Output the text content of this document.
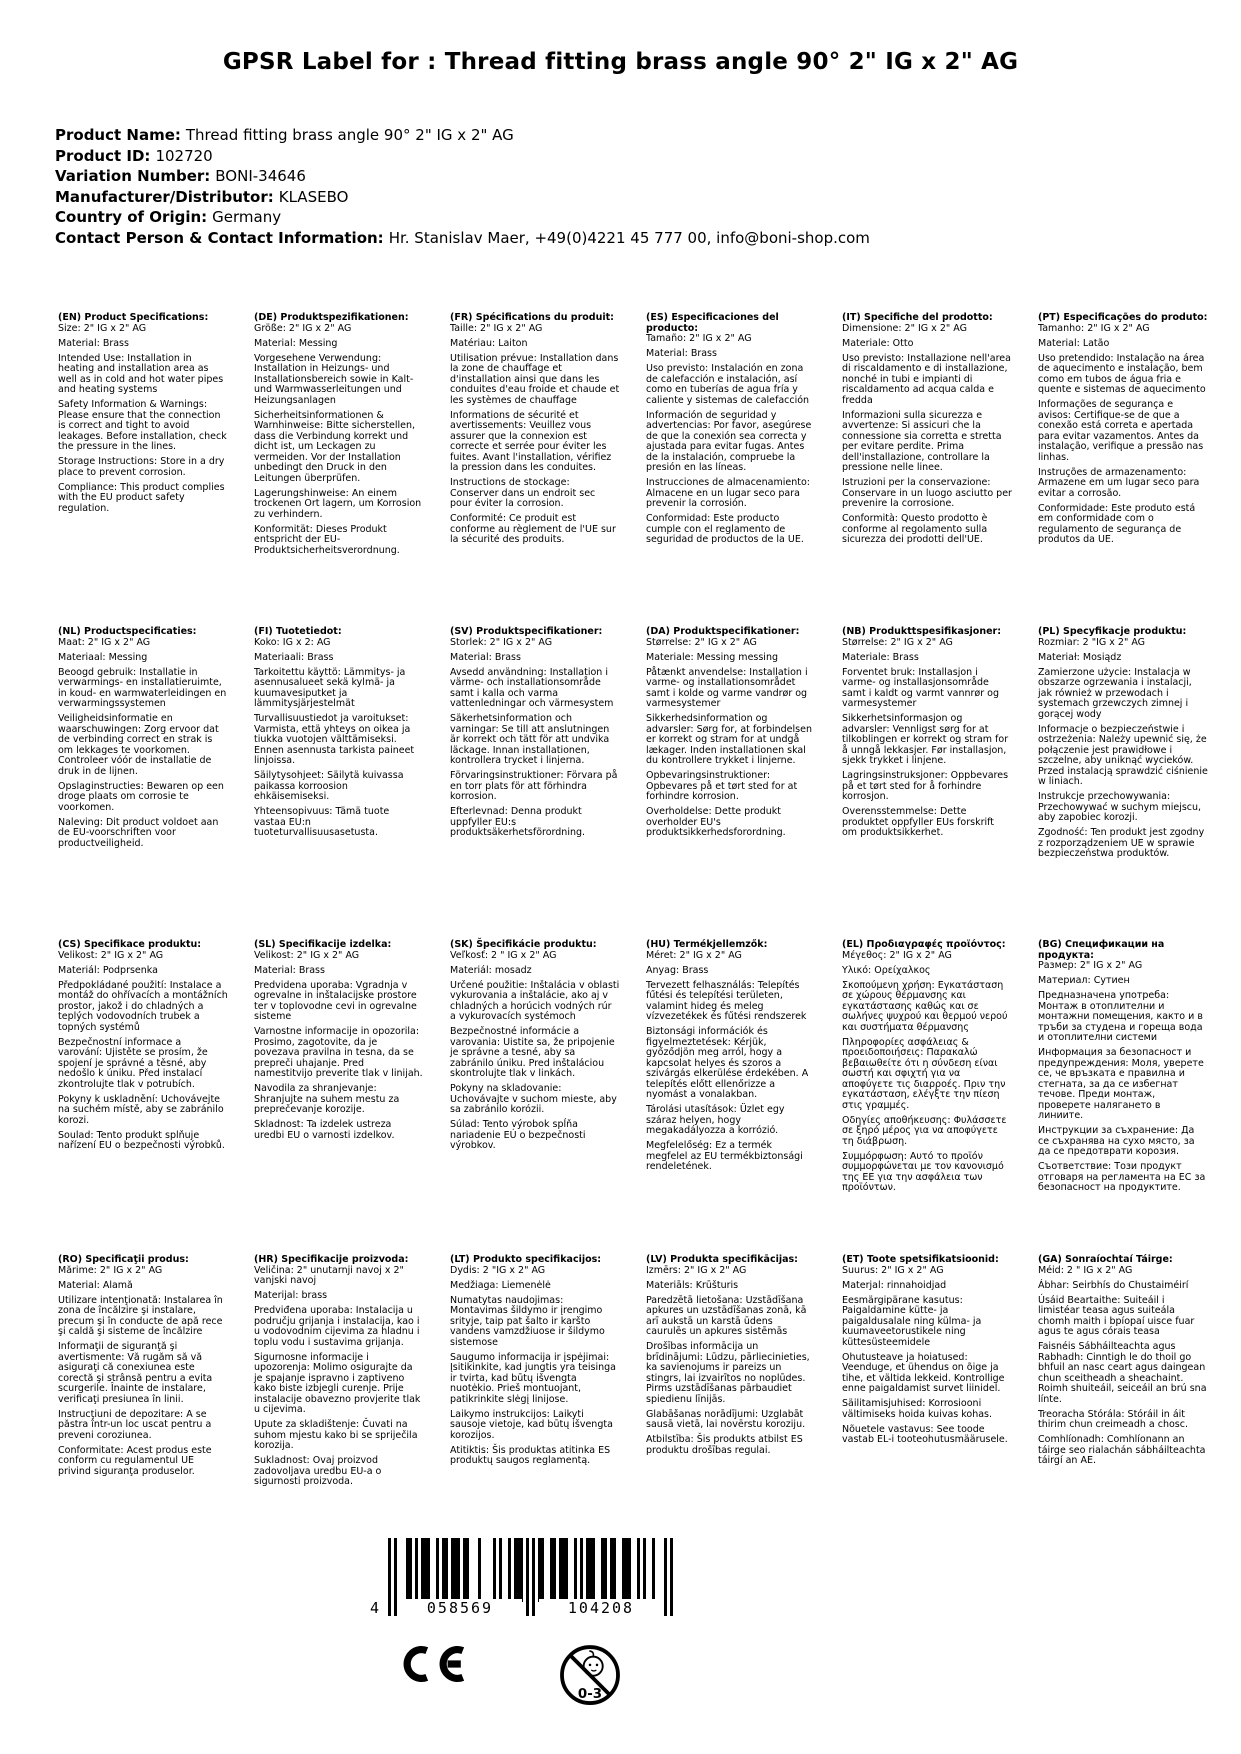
GPSR Label for : Thread fitting brass angle 90° 2" IG x 2" AG
Product Name: Thread fitting brass angle 90° 2" IG x 2" AG
Product ID: 102720
Variation Number: BONI-34646
Manufacturer/Distributor: KLASEBO
Country of Origin: Germany
Contact Person & Contact Information: Hr. Stanislav Maer, +49(0)4221 45 777 00, info@boni-shop.com
(EN) Product Specifications:

Size: 2" IG x 2" AG

Material: Brass

Intended Use: Installation in heating and installation area as well as in cold and hot water pipes and heating systems

Safety Information & Warnings: Please ensure that the connection is correct and tight to avoid leakages. Before installation, check the pressure in the lines.

Storage Instructions: Store in a dry place to prevent corrosion.

Compliance: This product complies with the EU product safety regulation.

(DE) Produktspezifikationen:

Größe: 2" IG x 2" AG

Material: Messing

Vorgesehene Verwendung: Installation in Heizungs- und Installationsbereich sowie in Kalt- und Warmwasserleitungen und Heizungsanlagen

Sicherheitsinformationen & Warnhinweise: Bitte sicherstellen, dass die Verbindung korrekt und dicht ist, um Leckagen zu vermeiden. Vor der Installation unbedingt den Druck in den Leitungen überprüfen.

Lagerungshinweise: An einem trockenen Ort lagern, um Korrosion zu verhindern.

Konformität: Dieses Produkt entspricht der EU-Produktsicherheitsverordnung.

(FR) Spécifications du produit:

Taille: 2" IG x 2" AG

Matériau: Laiton

Utilisation prévue: Installation dans la zone de chauffage et d'installation ainsi que dans les conduites d'eau froide et chaude et les systèmes de chauffage

Informations de sécurité et avertissements: Veuillez vous assurer que la connexion est correcte et serrée pour éviter les fuites. Avant l'installation, vérifiez la pression dans les conduites.

Instructions de stockage: Conserver dans un endroit sec pour éviter la corrosion.

Conformité: Ce produit est conforme au règlement de l'UE sur la sécurité des produits.

(ES) Especificaciones del producto:

Tamaño: 2" IG x 2" AG

Material: Brass

Uso previsto: Instalación en zona de calefacción e instalación, así como en tuberías de agua fría y caliente y sistemas de calefacción

Información de seguridad y advertencias: Por favor, asegúrese de que la conexión sea correcta y ajustada para evitar fugas. Antes de la instalación, compruebe la presión en las líneas.

Instrucciones de almacenamiento: Almacene en un lugar seco para prevenir la corrosión.

Conformidad: Este producto cumple con el reglamento de seguridad de productos de la UE.

(IT) Specifiche del prodotto:

Dimensione: 2" IG x 2" AG

Materiale: Otto

Uso previsto: Installazione nell'area di riscaldamento e di installazione, nonché in tubi e impianti di riscaldamento ad acqua calda e fredda

Informazioni sulla sicurezza e avvertenze: Si assicuri che la connessione sia corretta e stretta per evitare perdite. Prima dell'installazione, controllare la pressione nelle linee.

Istruzioni per la conservazione: Conservare in un luogo asciutto per prevenire la corrosione.

Conformità: Questo prodotto è conforme al regolamento sulla sicurezza dei prodotti dell'UE.

(PT) Especificações do produto:

Tamanho: 2" IG x 2" AG

Material: Latão

Uso pretendido: Instalação na área de aquecimento e instalação, bem como em tubos de água fria e quente e sistemas de aquecimento

Informações de segurança e avisos: Certifique-se de que a conexão está correta e apertada para evitar vazamentos. Antes da instalação, verifique a pressão nas linhas.

Instruções de armazenamento: Armazene em um lugar seco para evitar a corrosão.

Conformidade: Este produto está em conformidade com o regulamento de segurança de produtos da UE.

(NL) Productspecificaties:

Maat: 2" IG x 2" AG

Materiaal: Messing

Beoogd gebruik: Installatie in verwarmings- en installatieruimte, in koud- en warmwaterleidingen en verwarmingssystemen

Veiligheidsinformatie en waarschuwingen: Zorg ervoor dat de verbinding correct en strak is om lekkages te voorkomen. Controleer vóór de installatie de druk in de lijnen.

Opslaginstructies: Bewaren op een droge plaats om corrosie te voorkomen.

Naleving: Dit product voldoet aan de EU-voorschriften voor productveiligheid.

(FI) Tuotetiedot:

Koko: IG x 2: AG

Materiaali: Brass

Tarkoitettu käyttö: Lämmitys- ja asennusalueet sekä kylmä- ja kuumavesiputket ja lämmitysjärjestelmät

Turvallisuustiedot ja varoitukset: Varmista, että yhteys on oikea ja tiukka vuotojen välttämiseksi. Ennen asennusta tarkista paineet linjoissa.

Säilytysohjeet: Säilytä kuivassa paikassa korroosion ehkäisemiseksi.

Yhteensopivuus: Tämä tuote vastaa EU:n tuoteturvallisuusasetusta.

(SV) Produktspecifikationer:

Storlek: 2" IG x 2" AG

Material: Brass

Avsedd användning: Installation i värme- och installationsområde samt i kalla och varma vattenledningar och värmesystem

Säkerhetsinformation och varningar: Se till att anslutningen är korrekt och tätt för att undvika läckage. Innan installationen, kontrollera trycket i linjerna.

Förvaringsinstruktioner: Förvara på en torr plats för att förhindra korrosion.

Efterlevnad: Denna produkt uppfyller EU:s produktsäkerhetsförordning.

(DA) Produktspecifikationer:

Størrelse: 2" IG x 2" AG

Materiale: Messing messing

Påtænkt anvendelse: Installation i varme- og installationsområdet samt i kolde og varme vandrør og varmesystemer

Sikkerhedsinformation og advarsler: Sørg for, at forbindelsen er korrekt og stram for at undgå lækager. Inden installationen skal du kontrollere trykket i linjerne.

Opbevaringsinstruktioner: Opbevares på et tørt sted for at forhindre korrosion.

Overholdelse: Dette produkt overholder EU's produktsikkerhedsforordning.

(NB) Produkttspesifikasjoner:

Størrelse: 2" IG x 2" AG

Materiale: Brass

Forventet bruk: Installasjon i varme- og installasjonsområde samt i kaldt og varmt vannrør og varmesystemer

Sikkerhetsinformasjon og advarsler: Vennligst sørg for at tilkoblingen er korrekt og stram for å unngå lekkasjer. Før installasjon, sjekk trykket i linjene.

Lagringsinstruksjoner: Oppbevares på et tørt sted for å forhindre korrosjon.

Overensstemmelse: Dette produktet oppfyller EUs forskrift om produktsikkerhet.

(PL) Specyfikacje produktu:

Rozmiar: 2 "IG x 2" AG

Materiał: Mosiądz

Zamierzone użycie: Instalacja w obszarze ogrzewania i instalacji, jak również w przewodach i systemach grzewczych zimnej i gorącej wody

Informacje o bezpieczeństwie i ostrzeżenia: Należy upewnić się, że połączenie jest prawidłowe i szczelne, aby uniknąć wycieków. Przed instalacją sprawdzić ciśnienie w liniach.

Instrukcje przechowywania: Przechowywać w suchym miejscu, aby zapobiec korozji.

Zgodność: Ten produkt jest zgodny z rozporządzeniem UE w sprawie bezpieczeństwa produktów.

(CS) Specifikace produktu:

Velikost: 2" IG x 2" AG

Materiál: Podprsenka

Předpokládané použití: Instalace a montáž do ohřívacích a montážních prostor, jakož i do chladných a teplých vodovodních trubek a topných systémů

Bezpečnostní informace a varování: Ujistěte se prosím, že spojení je správné a těsné, aby nedošlo k úniku. Před instalací zkontrolujte tlak v potrubích.

Pokyny k uskladnění: Uchovávejte na suchém místě, aby se zabránilo korozi.

Soulad: Tento produkt splňuje nařízení EU o bezpečnosti výrobků.

(SL) Specifikacije izdelka:

Velikost: 2" IG x 2" AG

Material: Brass

Predvidena uporaba: Vgradnja v ogrevalne in inštalacijske prostore ter v toplovodne cevi in ogrevalne sisteme

Varnostne informacije in opozorila: Prosimo, zagotovite, da je povezava pravilna in tesna, da se prepreči uhajanje. Pred namestitvijo preverite tlak v linijah.

Navodila za shranjevanje: Shranjujte na suhem mestu za preprečevanje korozije.

Skladnost: Ta izdelek ustreza uredbi EU o varnosti izdelkov.

(SK) Špecifikácie produktu:

Veľkosť: 2 " IG x 2" AG

Materiál: mosadz

Určené použitie: Inštalácia v oblasti vykurovania a inštalácie, ako aj v chladných a horúcich vodných rúr a vykurovacích systémoch

Bezpečnostné informácie a varovania: Uistite sa, že pripojenie je správne a tesné, aby sa zabránilo úniku. Pred inštaláciou skontrolujte tlak v linkách.

Pokyny na skladovanie: Uchovávajte v suchom mieste, aby sa zabránilo korózii.

Súlad: Tento výrobok spĺňa nariadenie EÚ o bezpečnosti výrobkov.

(HU) Termékjellemzők:

Méret: 2" IG x 2" AG

Anyag: Brass

Tervezett felhasználás: Telepítés fűtési és telepítési területen, valamint hideg és meleg vízvezetékek és fűtési rendszerek

Biztonsági információk és figyelmeztetések: Kérjük, győződjön meg arról, hogy a kapcsolat helyes és szoros a szivárgás elkerülése érdekében. A telepítés előtt ellenőrizze a nyomást a vonalakban.

Tárolási utasítások: Üzlet egy száraz helyen, hogy megakadályozza a korrózió.

Megfelelőség: Ez a termék megfelel az EU termékbiztonsági rendeletének.

(EL) Προδιαγραφές προϊόντος:

Μέγεθος: 2" IG x 2" AG

Υλικό: Ορείχαλκος

Σκοπούμενη χρήση: Εγκατάσταση σε χώρους θέρμανσης και εγκατάστασης καθώς και σε σωλήνες ψυχρού και θερμού νερού και συστήματα θέρμανσης

Πληροφορίες ασφάλειας & προειδοποιήσεις: Παρακαλώ βεβαιωθείτε ότι η σύνδεση είναι σωστή και σφιχτή για να αποφύγετε τις διαρροές. Πριν την εγκατάσταση, ελέγξτε την πίεση στις γραμμές.

Οδηγίες αποθήκευσης: Φυλάσσετε σε ξηρό μέρος για να αποφύγετε τη διάβρωση.

Συμμόρφωση: Αυτό το προϊόν συμμορφώνεται με τον κανονισμό της ΕΕ για την ασφάλεια των προϊόντων.

(BG) Спецификации на продукта:

Размер: 2" IG x 2" AG

Материал: Сутиен

Предназначена употреба: Монтаж в отоплителни и монтажни помещения, както и в тръби за студена и гореща вода и отоплителни системи

Информация за безопасност и предупреждения: Моля, уверете се, че връзката е правилна и стегната, за да се избегнат течове. Преди монтаж, проверете налягането в линиите.

Инструкции за съхранение: Да се съхранява на сухо място, за да се предотврати корозия.

Съответствие: Този продукт отговаря на регламента на ЕС за безопасност на продуктите.

(RO) Specificaţii produs:

Mărime: 2" IG x 2" AG

Material: Alamă

Utilizare intenţionată: Instalarea în zona de încălzire şi instalare, precum şi în conducte de apă rece şi caldă şi sisteme de încălzire

Informaţii de siguranţă şi avertismente: Vă rugăm să vă asiguraţi că conexiunea este corectă şi strânsă pentru a evita scurgerile. Înainte de instalare, verificaţi presiunea în linii.

Instrucţiuni de depozitare: A se păstra într-un loc uscat pentru a preveni coroziunea.

Conformitate: Acest produs este conform cu regulamentul UE privind siguranţa produselor.

(HR) Specifikacije proizvoda:

Veličina: 2" unutarnji navoj x 2" vanjski navoj

Materijal: brass

Predviđena uporaba: Instalacija u području grijanja i instalacija, kao i u vodovodnim cijevima za hladnu i toplu vodu i sustavima grijanja.

Sigurnosne informacije i upozorenja: Molimo osigurajte da je spajanje ispravno i zaptiveno kako biste izbjegli curenje. Prije instalacije obavezno provjerite tlak u cijevima.

Upute za skladištenje: Čuvati na suhom mjestu kako bi se spriječila korozija.

Sukladnost: Ovaj proizvod zadovoljava uredbu EU-a o sigurnosti proizvoda.

(LT) Produkto specifikacijos:

Dydis: 2 "IG x 2" AG

Medžiaga: Liemenėlė

Numatytas naudojimas: Montavimas šildymo ir įrengimo srityje, taip pat šalto ir karšto vandens vamzdžiuose ir šildymo sistemose

Saugumo informacija ir įspėjimai: Įsitikinkite, kad jungtis yra teisinga ir tvirta, kad būtų išvengta nuotėkio. Prieš montuojant, patikrinkite slėgį linijose.

Laikymo instrukcijos: Laikyti sausoje vietoje, kad būtų išvengta korozijos.

Atitiktis: Šis produktas atitinka ES produktų saugos reglamentą.

(LV) Produkta specifikācijas:

Izmērs: 2" IG x 2" AG

Materiāls: Krūšturis

Paredzētā lietošana: Uzstādīšana apkures un uzstādīšanas zonā, kā arī aukstā un karstā ūdens caurulēs un apkures sistēmās

Drošības informācija un brīdinājumi: Lūdzu, pārliecinieties, ka savienojums ir pareizs un stingrs, lai izvairītos no noplūdes. Pirms uzstādīšanas pārbaudiet spiedienu līnijās.

Glabāšanas norādījumi: Uzglabāt sausā vietā, lai novērstu koroziju.

Atbilstība: Šis produkts atbilst ES produktu drošības regulai.

(ET) Toote spetsifikatsioonid:

Suurus: 2" IG x 2" AG

Materjal: rinnahoidjad

Eesmärgipärane kasutus: Paigaldamine kütte- ja paigaldusalale ning külma- ja kuumaveetorustikele ning küttesüsteemidele

Ohutusteave ja hoiatused: Veenduge, et ühendus on õige ja tihe, et vältida lekkeid. Kontrollige enne paigaldamist survet liinidel.

Säilitamisjuhised: Korrosiooni vältimiseks hoida kuivas kohas.

Nõuetele vastavus: See toode vastab EL-i tooteohutusmäärusele.

(GA) Sonraíochtaí Táirge:

Méid: 2 " IG x 2" AG

Ábhar: Seirbhís do Chustaiméirí

Úsáid Beartaithe: Suiteáil i limistéar teasa agus suiteála chomh maith i bpíopaí uisce fuar agus te agus córais teasa

Faisnéis Sábháilteachta agus Rabhadh: Cinntigh le do thoil go bhfuil an nasc ceart agus daingean chun sceitheadh a sheachaint. Roimh shuiteáil, seiceáil an brú sna línte.

Treoracha Stórála: Stóráil in áit thirim chun creimeadh a chosc.

Comhlíonadh: Comhlíonann an táirge seo rialachán sábháilteachta táirgí an AE.

4	058569	104208
0-3
